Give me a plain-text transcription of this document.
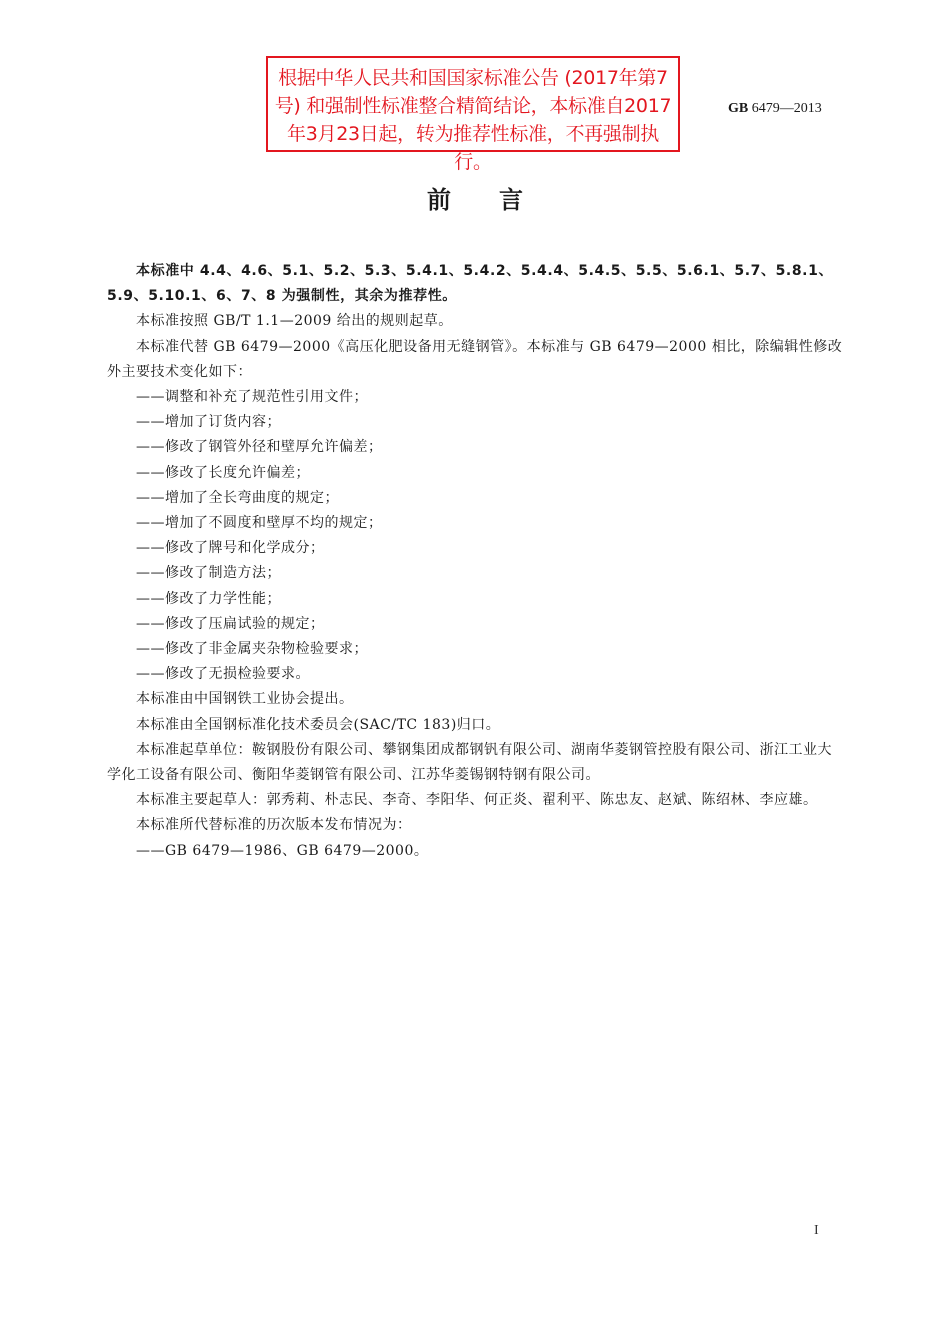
根据中华人民共和国国家标准公告 (2017年第7号) 和强制性标准整合精简结论，本标准自2017年3月23日起，转为推荐性标准，不再强制执行。
GB 6479—2013
前言

本标准中 4.4、4.6、5.1、5.2、5.3、5.4.1、5.4.2、5.4.4、5.4.5、5.5、5.6.1、5.7、5.8.1、5.9、5.10.1、6、7、8 为强制性，其余为推荐性。

本标准按照 GB/T 1.1—2009 给出的规则起草。

本标准代替 GB 6479—2000《高压化肥设备用无缝钢管》。本标准与 GB 6479—2000 相比，除编辑性修改外主要技术变化如下：

——调整和补充了规范性引用文件；

——增加了订货内容；

——修改了钢管外径和壁厚允许偏差；

——修改了长度允许偏差；

——增加了全长弯曲度的规定；

——增加了不圆度和壁厚不均的规定；

——修改了牌号和化学成分；

——修改了制造方法；

——修改了力学性能；

——修改了压扁试验的规定；

——修改了非金属夹杂物检验要求；

——修改了无损检验要求。

本标准由中国钢铁工业协会提出。

本标准由全国钢标准化技术委员会(SAC/TC 183)归口。

本标准起草单位：鞍钢股份有限公司、攀钢集团成都钢钒有限公司、湖南华菱钢管控股有限公司、浙江工业大学化工设备有限公司、衡阳华菱钢管有限公司、江苏华菱锡钢特钢有限公司。

本标准主要起草人：郭秀莉、朴志民、李奇、李阳华、何正炎、翟利平、陈忠友、赵斌、陈绍林、李应雄。

本标准所代替标准的历次版本发布情况为：

——GB 6479—1986、GB 6479—2000。

I
